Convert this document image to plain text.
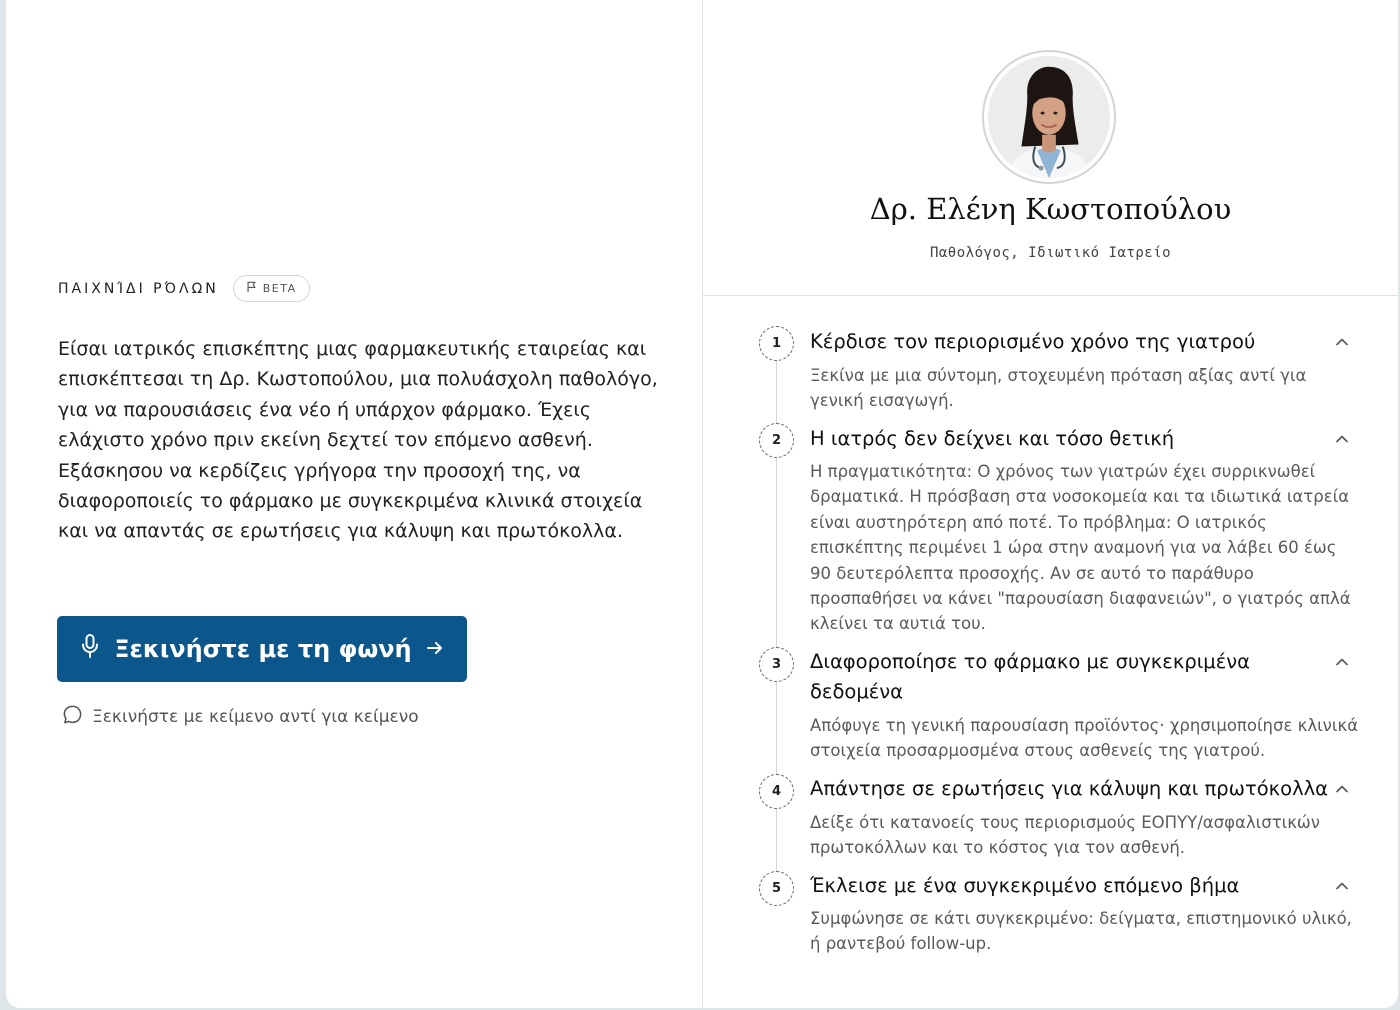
ΠΑΙΧΝΊΔΙ ΡΌΛΩΝ	BETA

Είσαι ιατρικός επισκέπτης μιας φαρμακευτικής εταιρείας και επισκέπτεσαι τη Δρ. Κωστοπούλου, μια πολυάσχολη παθολόγο, για να παρουσιάσεις ένα νέο ή υπάρχον φάρμακο. Έχεις ελάχιστο χρόνο πριν εκείνη δεχτεί τον επόμενο ασθενή. Εξάσκησου να κερδίζεις γρήγορα την προσοχή της, να διαφοροποιείς το φάρμακο με συγκεκριμένα κλινικά στοιχεία και να απαντάς σε ερωτήσεις για κάλυψη και πρωτόκολλα.

Ξεκινήστε με τη φωνή
Ξεκινήστε με κείμενο αντί για κείμενο
Δρ. Ελένη Κωστοπούλου
Παθολόγος, Ιδιωτικό Ιατρείο
1	Κέρδισε τον περιορισμένο χρόνο της γιατρού
Ξεκίνα με μια σύντομη, στοχευμένη πρόταση αξίας αντί για γενική εισαγωγή.
2	Η ιατρός δεν δείχνει και τόσο θετική
Η πραγματικότητα: Ο χρόνος των γιατρών έχει συρρικνωθεί δραματικά. Η πρόσβαση στα νοσοκομεία και τα ιδιωτικά ιατρεία είναι αυστηρότερη από ποτέ. Το πρόβλημα: Ο ιατρικός επισκέπτης περιμένει 1 ώρα στην αναμονή για να λάβει 60 έως 90 δευτερόλεπτα προσοχής. Αν σε αυτό το παράθυρο προσπαθήσει να κάνει "παρουσίαση διαφανειών", ο γιατρός απλά κλείνει τα αυτιά του.
3	Διαφοροποίησε το φάρμακο με συγκεκριμένα δεδομένα
Απόφυγε τη γενική παρουσίαση προϊόντος· χρησιμοποίησε κλινικά στοιχεία προσαρμοσμένα στους ασθενείς της γιατρού.
4	Απάντησε σε ερωτήσεις για κάλυψη και πρωτόκολλα
Δείξε ότι κατανοείς τους περιορισμούς ΕΟΠΥΥ/ασφαλιστικών πρωτοκόλλων και το κόστος για τον ασθενή.
5	Έκλεισε με ένα συγκεκριμένο επόμενο βήμα
Συμφώνησε σε κάτι συγκεκριμένο: δείγματα, επιστημονικό υλικό, ή ραντεβού follow-up.
